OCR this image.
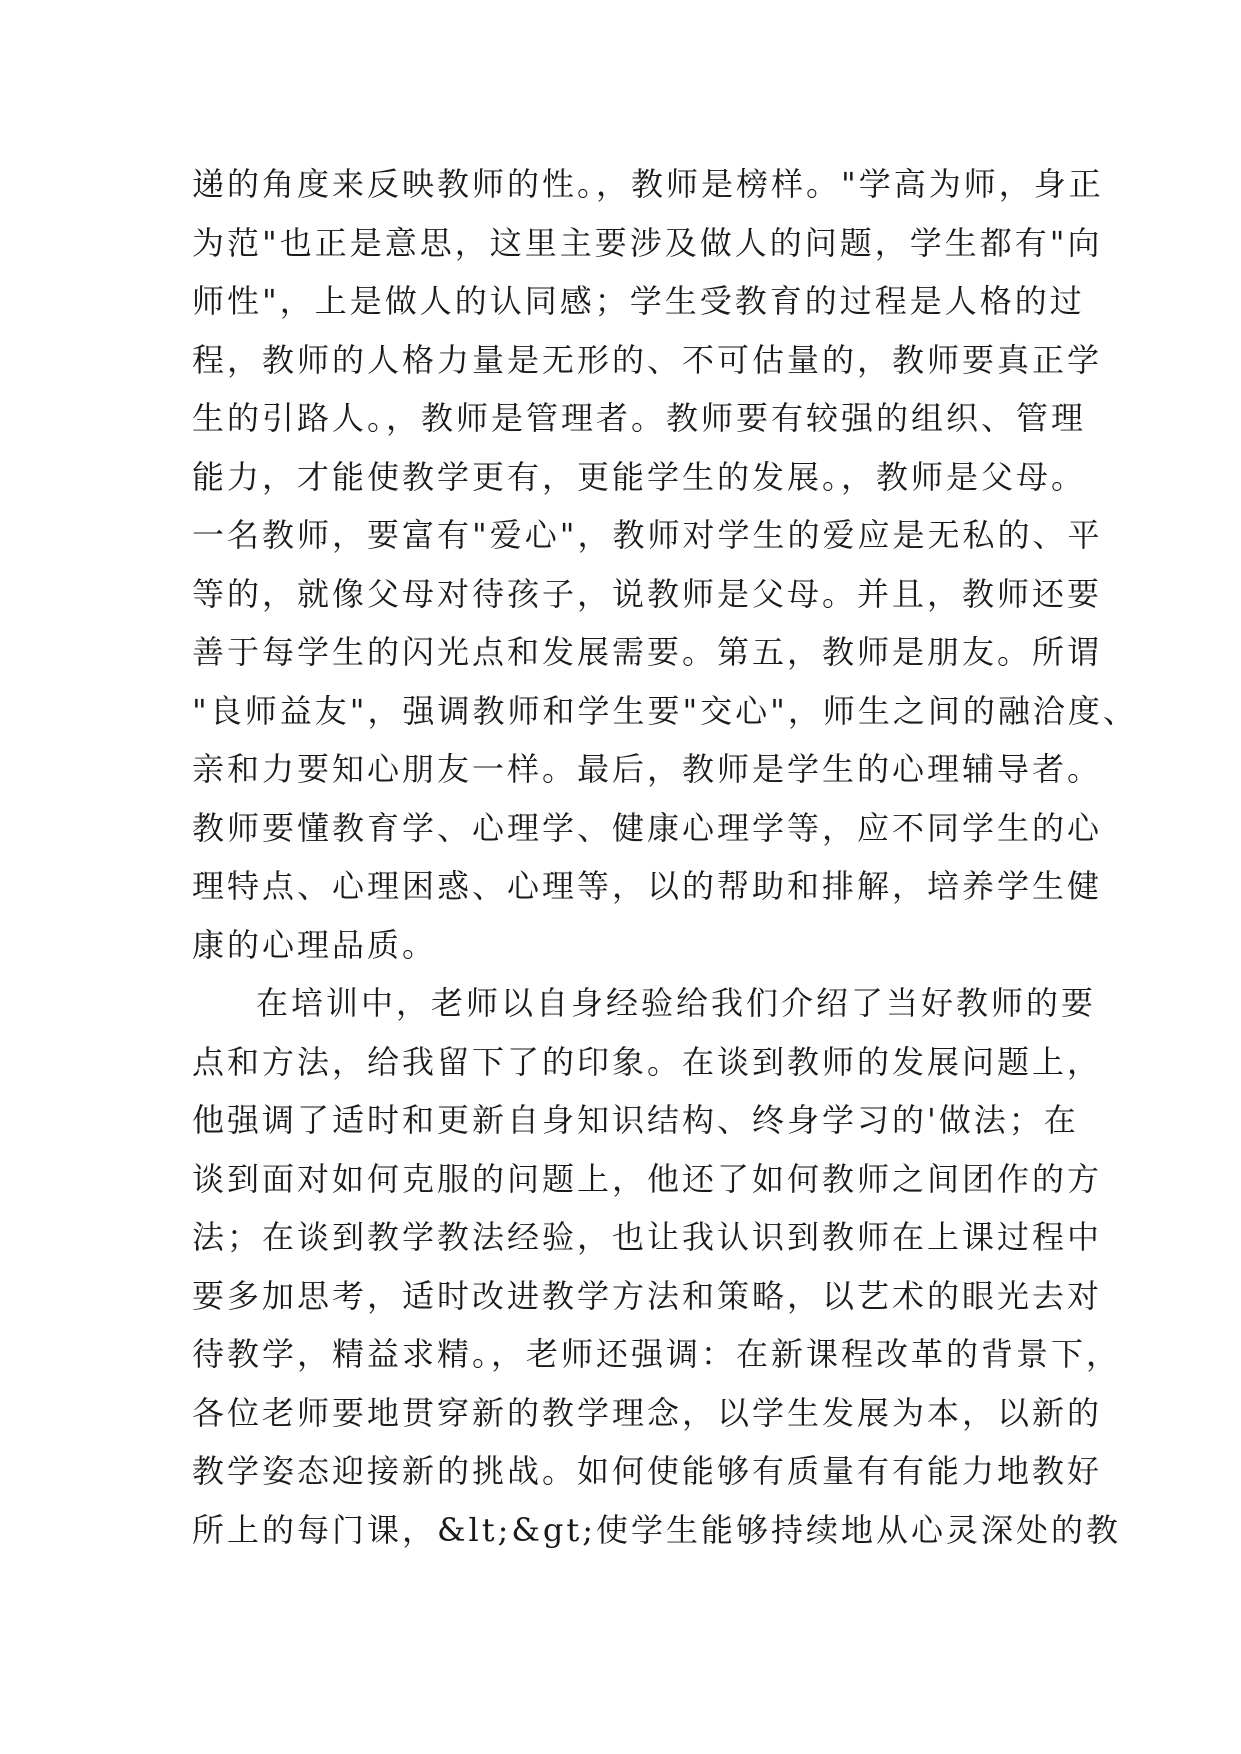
递的角度来反映教师的性。，教师是榜样。"学高为师，身正
为范"也正是意思，这里主要涉及做人的问题，学生都有"向
师性"，上是做人的认同感；学生受教育的过程是人格的过
程，教师的人格力量是无形的、不可估量的，教师要真正学
生的引路人。，教师是管理者。教师要有较强的组织、管理
能力，才能使教学更有，更能学生的发展。，教师是父母。
一名教师，要富有"爱心"，教师对学生的爱应是无私的、平
等的，就像父母对待孩子，说教师是父母。并且，教师还要
善于每学生的闪光点和发展需要。第五，教师是朋友。所谓
"良师益友"，强调教师和学生要"交心"，师生之间的融洽度、
亲和力要知心朋友一样。最后，教师是学生的心理辅导者。
教师要懂教育学、心理学、健康心理学等，应不同学生的心
理特点、心理困惑、心理等，以的帮助和排解，培养学生健
康的心理品质。
在培训中，老师以自身经验给我们介绍了当好教师的要
点和方法，给我留下了的印象。在谈到教师的发展问题上，
他强调了适时和更新自身知识结构、终身学习的'做法；在
谈到面对如何克服的问题上，他还了如何教师之间团作的方
法；在谈到教学教法经验，也让我认识到教师在上课过程中
要多加思考，适时改进教学方法和策略，以艺术的眼光去对
待教学，精益求精。，老师还强调：在新课程改革的背景下，
各位老师要地贯穿新的教学理念，以学生发展为本，以新的
教学姿态迎接新的挑战。如何使能够有质量有有能力地教好
所上的每门课，&lt;&gt;使学生能够持续地从心灵深处的教
